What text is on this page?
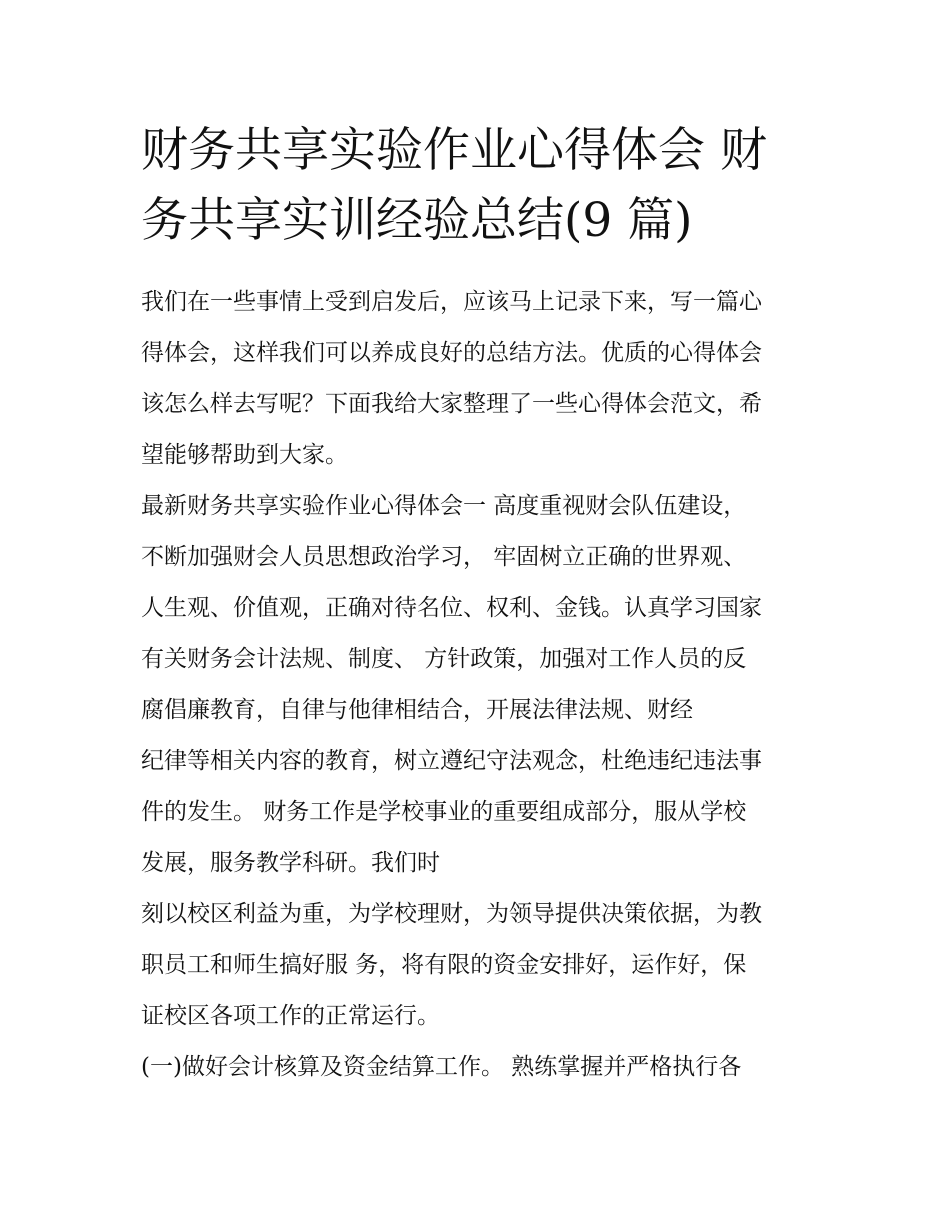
财务共享实验作业心得体会 财
务共享实训经验总结(9 篇)
我们在一些事情上受到启发后，应该马上记录下来，写一篇心
得体会，这样我们可以养成良好的总结方法。优质的心得体会
该怎么样去写呢？下面我给大家整理了一些心得体会范文，希
望能够帮助到大家。
最新财务共享实验作业心得体会一 高度重视财会队伍建设，
不断加强财会人员思想政治学习， 牢固树立正确的世界观、
人生观、价值观，正确对待名位、权利、金钱。认真学习国家
有关财务会计法规、制度、 方针政策，加强对工作人员的反
腐倡廉教育，自律与他律相结合，开展法律法规、财经
纪律等相关内容的教育，树立遵纪守法观念，杜绝违纪违法事
件的发生。 财务工作是学校事业的重要组成部分，服从学校
发展，服务教学科研。我们时
刻以校区利益为重，为学校理财，为领导提供决策依据，为教
职员工和师生搞好服 务，将有限的资金安排好，运作好，保
证校区各项工作的正常运行。
(一)做好会计核算及资金结算工作。 熟练掌握并严格执行各
